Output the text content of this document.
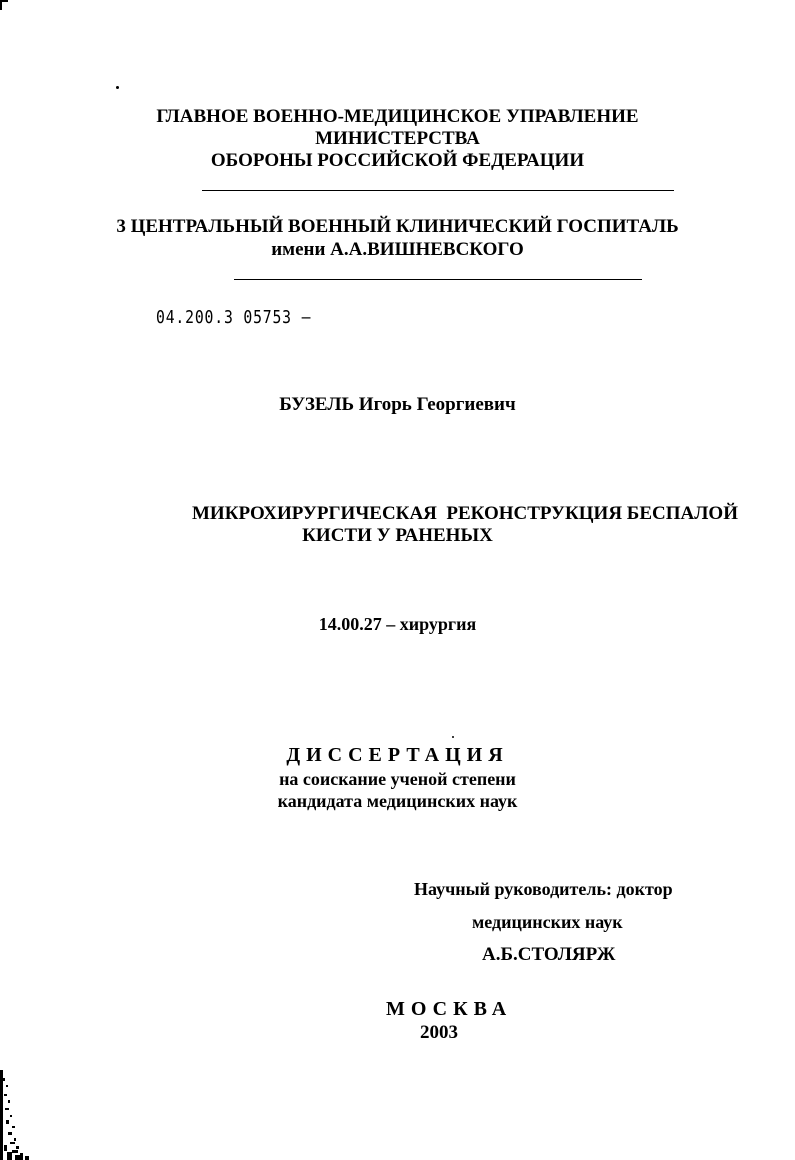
ГЛАВНОЕ ВОЕННО-МЕДИЦИНСКОЕ УПРАВЛЕНИЕ
МИНИСТЕРСТВА
ОБОРОНЫ РОССИЙСКОЙ ФЕДЕРАЦИИ
3 ЦЕНТРАЛЬНЫЙ ВОЕННЫЙ КЛИНИЧЕСКИЙ ГОСПИТАЛЬ
имени А.А.ВИШНЕВСКОГО
04.200.3 05753 ‒
БУЗЕЛЬ Игорь Георгиевич
МИКРОХИРУРГИЧЕСКАЯ  РЕКОНСТРУКЦИЯ БЕСПАЛОЙ
КИСТИ У РАНЕНЫХ
14.00.27 – хирургия
ДИССЕРТАЦИЯ
на соискание ученой степени
кандидата медицинских наук
Научный руководитель: доктор
медицинских наук
А.Б.СТОЛЯРЖ
МОСКВА
2003
